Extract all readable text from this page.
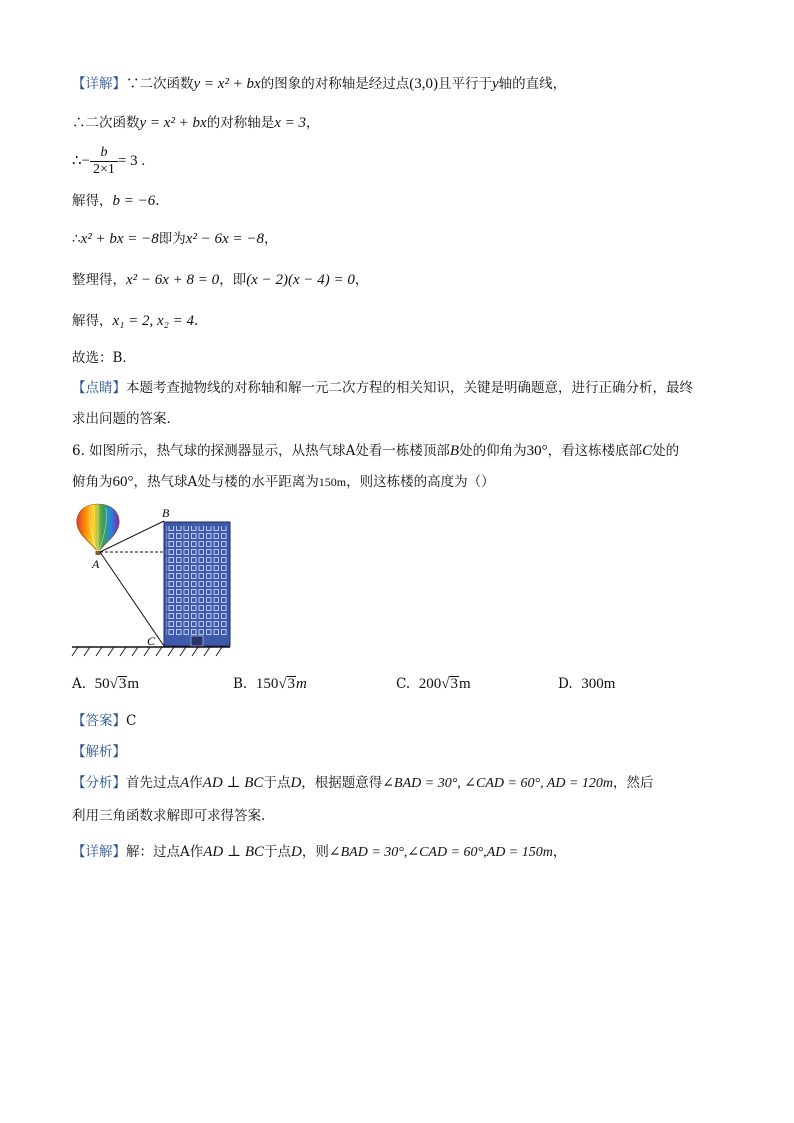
【详解】∵二次函数y = x² + bx的图象的对称轴是经过点(3,0)且平行于y轴的直线，
∴二次函数y = x² + bx的对称轴是x = 3，
∴− $\frac{b}{2\times 1} = 3$ .
解得，b = −6.
∴x² + bx = −8即为x² − 6x = −8，
整理得，x² − 6x + 8 = 0，即(x − 2)(x − 4) = 0，
解得，x₁ = 2, x₂ = 4.
故选：B．
【点睛】本题考查抛物线的对称轴和解一元二次方程的相关知识，关键是明确题意，进行正确分析，最终
求出问题的答案．
6. 如图所示，热气球的探测器显示，从热气球A处看一栋楼顶部B处的仰角为30°，看这栋楼底部C处的
俯角为60°，热气球A处与楼的水平距离为150m，则这栋楼的高度为（）
A
B
C
A. 50√3m	B. 150√3m	C. 200√3m	D. 300m
【答案】C
【解析】
【分析】首先过点A作AD ⊥ BC于点D，根据题意得∠BAD = 30°, ∠CAD = 60°, AD = 120m，然后
利用三角函数求解即可求得答案．
【详解】解：过点A作AD ⊥ BC于点D，则∠BAD = 30°,∠CAD = 60°,AD = 150m，
